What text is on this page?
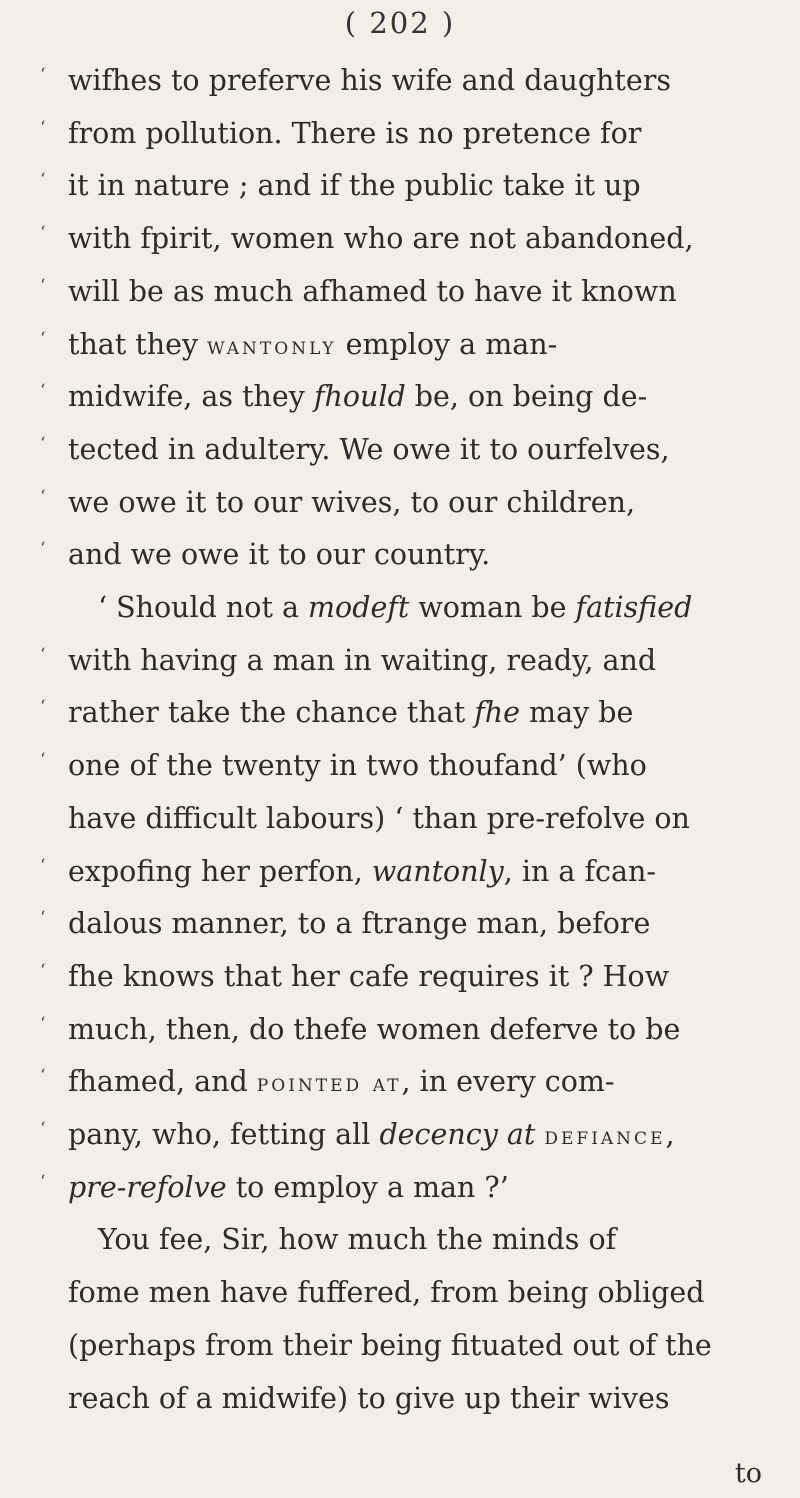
( 202 )
‘ wifhes to preferve his wife and daughters
‘ from pollution. There is no pretence for
‘ it in nature ; and if the public take it up
‘ with fpirit, women who are not abandoned,
‘ will be as much afhamed to have it known
‘ that they wantonly employ a man-
‘ midwife, as they fhould be, on being de-
‘ tected in adultery. We owe it to ourfelves,
‘ we owe it to our wives, to our children,
‘ and we owe it to our country.
‘ Should not a modeft woman be fatisfied
‘ with having a man in waiting, ready, and
‘ rather take the chance that fhe may be
‘ one of the twenty in two thoufand’ (who
have difficult labours) ‘ than pre-refolve on
‘ expofing her perfon, wantonly, in a fcan-
‘ dalous manner, to a ftrange man, before
‘ fhe knows that her cafe requires it ? How
‘ much, then, do thefe women deferve to be
‘ fhamed, and pointed at, in every com-
‘ pany, who, fetting all decency at defiance,
‘ pre-refolve to employ a man ?’
You fee, Sir, how much the minds of
fome men have fuffered, from being obliged
(perhaps from their being fituated out of the
reach of a midwife) to give up their wives
to
